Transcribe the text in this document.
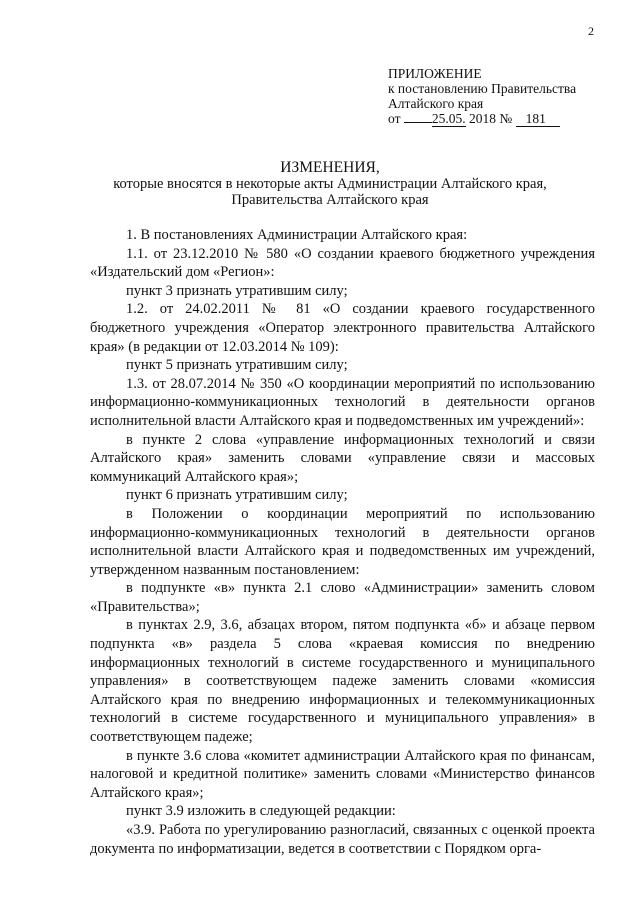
2
ПРИЛОЖЕНИЕ
к постановлению Правительства
Алтайского края
от 25.05. 2018 № 181
ИЗМЕНЕНИЯ,
которые вносятся в некоторые акты Администрации Алтайского края,
Правительства Алтайского края

1. В постановлениях Администрации Алтайского края:

1.1. от 23.12.2010 № 580 «О создании краевого бюджетного учреждения «Издательский дом «Регион»:

пункт 3 признать утратившим силу;

1.2. от 24.02.2011 № 81 «О создании краевого государственного бюджетного учреждения «Оператор электронного правительства Алтайского края» (в редакции от 12.03.2014 № 109):

пункт 5 признать утратившим силу;

1.3. от 28.07.2014 № 350 «О координации мероприятий по использованию информационно-коммуникационных технологий в деятельности органов исполнительной власти Алтайского края и подведомственных им учреждений»:

в пункте 2 слова «управление информационных технологий и связи Алтайского края» заменить словами «управление связи и массовых коммуникаций Алтайского края»;

пункт 6 признать утратившим силу;

в Положении о координации мероприятий по использованию информационно-коммуникационных технологий в деятельности органов исполнительной власти Алтайского края и подведомственных им учреждений, утвержденном названным постановлением:

в подпункте «в» пункта 2.1 слово «Администрации» заменить словом «Правительства»;

в пунктах 2.9, 3.6, абзацах втором, пятом подпункта «б» и абзаце первом подпункта «в» раздела 5 слова «краевая комиссия по внедрению информационных технологий в системе государственного и муниципального управления» в соответствующем падеже заменить словами «комиссия Алтайского края по внедрению информационных и телекоммуникационных технологий в системе государственного и муниципального управления» в соответствующем падеже;

в пункте 3.6 слова «комитет администрации Алтайского края по финансам, налоговой и кредитной политике» заменить словами «Министерство финансов Алтайского края»;

пункт 3.9 изложить в следующей редакции:

«3.9. Работа по урегулированию разногласий, связанных с оценкой проекта документа по информатизации, ведется в соответствии с Порядком орга-
